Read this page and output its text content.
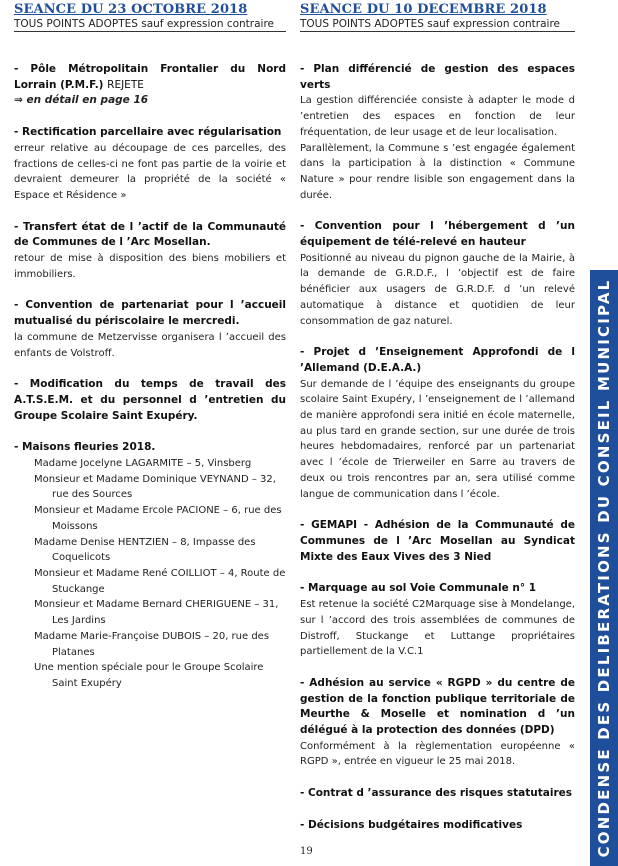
SEANCE DU 23 OCTOBRE 2018
TOUS POINTS ADOPTES sauf expression contraire
- Pôle Métropolitain Frontalier du Nord Lorrain (P.M.F.) REJETE
⇒ en détail en page 16
- Rectification parcellaire avec régularisation
erreur relative au découpage de ces parcelles, des fractions de celles-ci ne font pas partie de la voirie et devraient demeurer la propriété de la société « Espace et Résidence »
- Transfert état de l ’actif de la Communauté de Communes de l ’Arc Mosellan.
retour de mise à disposition des biens mobiliers et immobiliers.
- Convention de partenariat pour l ’accueil mutualisé du périscolaire le mercredi.
la commune de Metzervisse organisera l ’accueil des enfants de Volstroff.
- Modification du temps de travail des A.T.S.E.M. et du personnel d ’entretien du Groupe Scolaire Saint Exupéry.
- Maisons fleuries 2018.
Madame Jocelyne LAGARMITE – 5, Vinsberg
Monsieur et Madame Dominique VEYNAND – 32, rue des Sources
Monsieur et Madame Ercole PACIONE – 6, rue des Moissons
Madame Denise HENTZIEN – 8, Impasse des Coquelicots
Monsieur et Madame René COILLIOT – 4, Route de Stuckange
Monsieur et Madame Bernard CHERIGUENE – 31, Les Jardins
Madame Marie-Françoise DUBOIS – 20, rue des Platanes
Une mention spéciale pour le Groupe Scolaire Saint Exupéry
SEANCE DU 10 DECEMBRE 2018
TOUS POINTS ADOPTES sauf expression contraire
- Plan différencié de gestion des espaces verts
La gestion différenciée consiste à adapter le mode d ’entretien des espaces en fonction de leur fréquentation, de leur usage et de leur localisation.
Parallèlement, la Commune s ’est engagée également dans la participation à la distinction « Commune Nature » pour rendre lisible son engagement dans la durée.
- Convention pour l ’hébergement d ’un équipement de télé-relevé en hauteur
Positionné au niveau du pignon gauche de la Mairie, à la demande de G.R.D.F., l ’objectif est de faire bénéficier aux usagers de G.R.D.F. d ’un relevé automatique à distance et quotidien de leur consommation de gaz naturel.
- Projet d ’Enseignement Approfondi de l ’Allemand (D.E.A.A.)
Sur demande de l ’équipe des enseignants du groupe scolaire Saint Exupéry, l ’enseignement de l ’allemand de manière approfondi sera initié en école maternelle, au plus tard en grande section, sur une durée de trois heures hebdomadaires, renforcé par un partenariat avec l ’école de Trierweiler en Sarre au travers de deux ou trois rencontres par an, sera utilisé comme langue de communication dans l ’école.
- GEMAPI - Adhésion de la Communauté de Communes de l ’Arc Mosellan au Syndicat Mixte des Eaux Vives des 3 Nied
- Marquage au sol Voie Communale n° 1
Est retenue la société C2Marquage sise à Mondelange, sur l ’accord des trois assemblées de communes de Distroff, Stuckange et Luttange propriétaires partiellement de la V.C.1
- Adhésion au service « RGPD » du centre de gestion de la fonction publique territoriale de Meurthe & Moselle et nomination d ’un délégué à la protection des données (DPD)
Conformément à la règlementation européenne « RGPD », entrée en vigueur le 25 mai 2018.
- Contrat d ’assurance des risques statutaires
- Décisions budgétaires modificatives	CONDENSE DES DELIBERATIONS DU CONSEIL MUNICIPAL
19
